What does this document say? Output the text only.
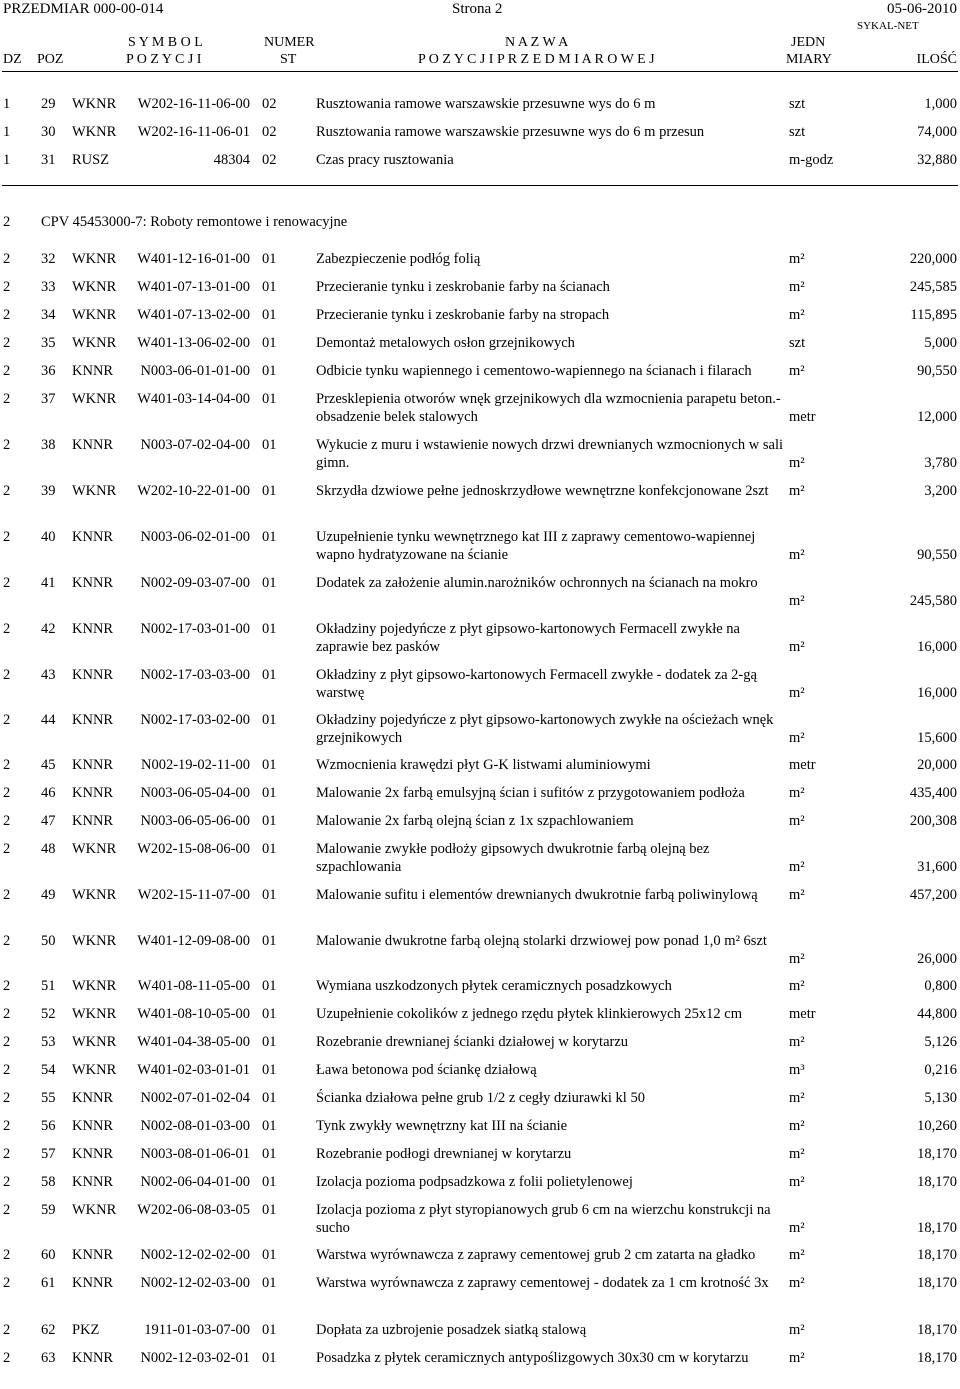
PRZEDMIAR 000-00-014	Strona 2	05-06-2010
SYKAL-NET
DZ POZ
S Y M B O L
P O Z Y C J I
NUMER
ST
N A Z W A
P O Z Y C J I P R Z E D M I A R O W E J
JEDN
MIARY	ILOŚĆ
1 29 WKNR	W202-16-11-06-00 02	Rusztowania ramowe warszawskie przesuwne wys do 6 m	szt	1,000
1 30 WKNR	W202-16-11-06-01 02	Rusztowania ramowe warszawskie przesuwne wys do 6 m przesun	szt	74,000
1 31 RUSZ	48304 02	Czas pracy rusztowania	m-godz	32,880
2 CPV 45453000-7: Roboty remontowe i renowacyjne
2 32 WKNR	W401-12-16-01-00 01	Zabezpieczenie podłóg folią	m²	220,000
2 33 WKNR	W401-07-13-01-00 01	Przecieranie tynku i zeskrobanie farby na ścianach	m²	245,585
2 34 WKNR	W401-07-13-02-00 01	Przecieranie tynku i zeskrobanie farby na stropach	m²	115,895
2 35 WKNR	W401-13-06-02-00 01	Demontaż metalowych osłon grzejnikowych	szt	5,000
2 36 KNNR	N003-06-01-01-00 01	Odbicie tynku wapiennego i cementowo-wapiennego na ścianach i filarach	m²	90,550
2 37 WKNR	W401-03-14-04-00 01	Przesklepienia otworów wnęk grzejnikowych dla wzmocnienia parapetu beton.- obsadzenie belek stalowych	metr	12,000
2 38 KNNR	N003-07-02-04-00 01	Wykucie z muru i wstawienie nowych drzwi drewnianych wzmocnionych w sali gimn.	m²	3,780
2 39 WKNR	W202-10-22-01-00 01	Skrzydła dzwiowe pełne jednoskrzydłowe wewnętrzne konfekcjonowane 2szt	m²	3,200
2 40 KNNR	N003-06-02-01-00 01	Uzupełnienie tynku wewnętrznego kat III z zaprawy cementowo-wapiennej wapno hydratyzowane na ścianie	m²	90,550
2 41 KNNR	N002-09-03-07-00 01	Dodatek za założenie alumin.narożników ochronnych na ścianach na mokro
m²	245,580
2 42 KNNR	N002-17-03-01-00 01	Okładziny pojedyńcze z płyt gipsowo-kartonowych Fermacell zwykłe na zaprawie bez pasków	m²	16,000
2 43 KNNR	N002-17-03-03-00 01	Okładziny z płyt gipsowo-kartonowych Fermacell zwykłe - dodatek za 2-gą warstwę	m²	16,000
2 44 KNNR	N002-17-03-02-00 01	Okładziny pojedyńcze z płyt gipsowo-kartonowych zwykłe na ościeżach wnęk grzejnikowych	m²	15,600
2 45 KNNR	N002-19-02-11-00 01	Wzmocnienia krawędzi płyt G-K listwami aluminiowymi	metr	20,000
2 46 KNNR	N003-06-05-04-00 01	Malowanie 2x farbą emulsyjną ścian i sufitów z przygotowaniem podłoża	m²	435,400
2 47 KNNR	N003-06-05-06-00 01	Malowanie 2x farbą olejną ścian z 1x szpachlowaniem	m²	200,308
2 48 WKNR	W202-15-08-06-00 01	Malowanie zwykłe podłoży gipsowych dwukrotnie farbą olejną bez szpachlowania	m²	31,600
2 49 WKNR	W202-15-11-07-00 01	Malowanie sufitu i elementów drewnianych dwukrotnie farbą poliwinylową	m²	457,200
2 50 WKNR	W401-12-09-08-00 01	Malowanie dwukrotne farbą olejną stolarki drzwiowej pow ponad 1,0 m² 6szt
m²	26,000
2 51 WKNR	W401-08-11-05-00 01	Wymiana uszkodzonych płytek ceramicznych posadzkowych	m²	0,800
2 52 WKNR	W401-08-10-05-00 01	Uzupełnienie cokolików z jednego rzędu płytek klinkierowych 25x12 cm	metr	44,800
2 53 WKNR	W401-04-38-05-00 01	Rozebranie drewnianej ścianki działowej w korytarzu	m²	5,126
2 54 WKNR	W401-02-03-01-01 01	Ława betonowa pod ściankę działową	m³	0,216
2 55 KNNR	N002-07-01-02-04 01	Ścianka działowa pełne grub 1/2 z cegły dziurawki kl 50	m²	5,130
2 56 KNNR	N002-08-01-03-00 01	Tynk zwykły wewnętrzny kat III na ścianie	m²	10,260
2 57 KNNR	N003-08-01-06-01 01	Rozebranie podłogi drewnianej w korytarzu	m²	18,170
2 58 KNNR	N002-06-04-01-00 01	Izolacja pozioma podpsadzkowa z folii polietylenowej	m²	18,170
2 59 WKNR	W202-06-08-03-05 01	Izolacja pozioma z płyt styropianowych grub 6 cm na wierzchu konstrukcji na sucho	m²	18,170
2 60 KNNR	N002-12-02-02-00 01	Warstwa wyrównawcza z zaprawy cementowej grub 2 cm zatarta na gładko	m²	18,170
2 61 KNNR	N002-12-02-03-00 01	Warstwa wyrównawcza z zaprawy cementowej - dodatek za 1 cm krotność 3x	m²	18,170
2 62 PKZ	1911-01-03-07-00 01	Dopłata za uzbrojenie posadzek siatką stalową	m²	18,170
2 63 KNNR	N002-12-03-02-01 01	Posadzka z płytek ceramicznych antypoślizgowych 30x30 cm w korytarzu	m²	18,170
